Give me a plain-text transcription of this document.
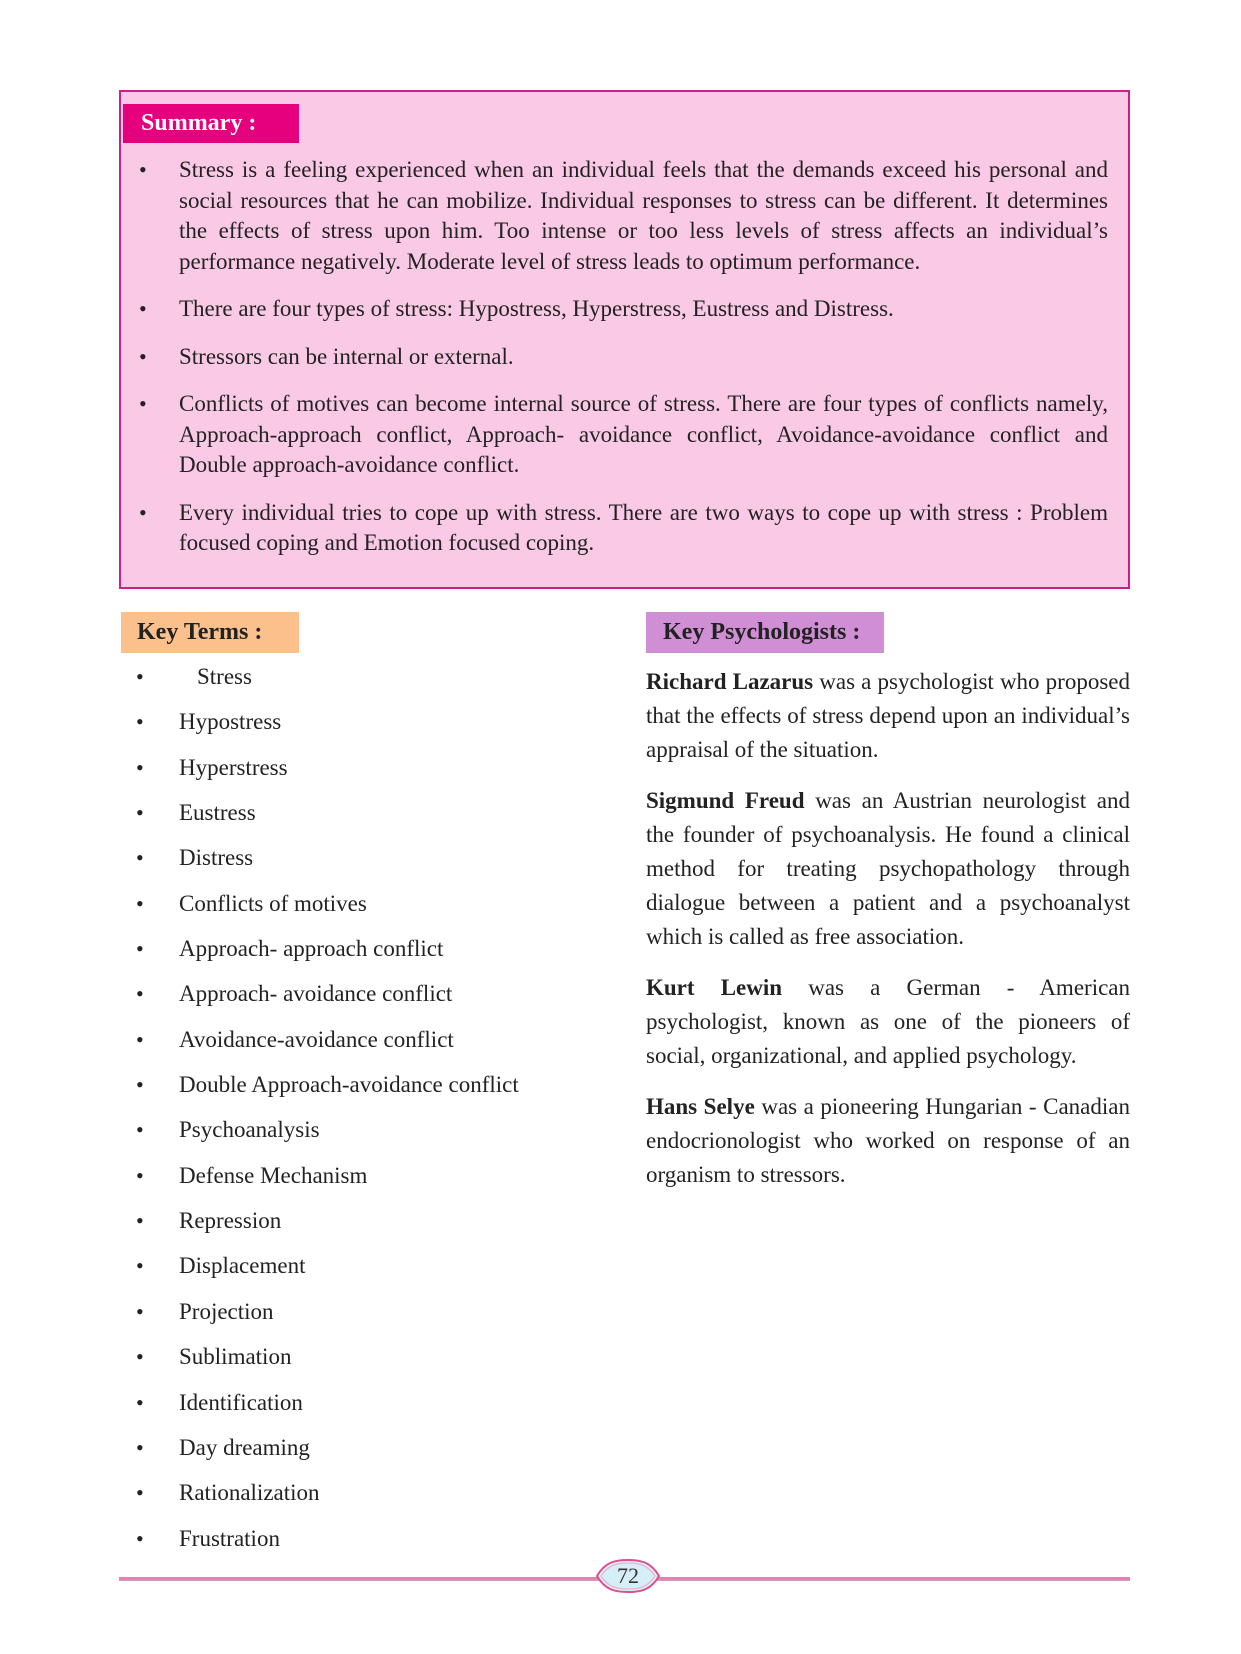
Summary :
• Stress is a feeling experienced when an individual feels that the demands exceed his personal and social resources that he can mobilize. Individual responses to stress can be different. It determines the effects of stress upon him. Too intense or too less levels of stress affects an individual’s performance negatively. Moderate level of stress leads to optimum performance.
• There are four types of stress: Hypostress, Hyperstress, Eustress and Distress.
• Stressors can be internal or external.
• Conflicts of motives can become internal source of stress. There are four types of conflicts namely, Approach-approach conflict, Approach- avoidance conflict, Avoidance-avoidance conflict and Double approach-avoidance conflict.
• Every individual tries to cope up with stress. There are two ways to cope up with stress : Problem focused coping and Emotion focused coping.
Key Terms :
• Stress
• Hypostress
• Hyperstress
• Eustress
• Distress
• Conflicts of motives
• Approach- approach conflict
• Approach- avoidance conflict
• Avoidance-avoidance conflict
• Double Approach-avoidance conflict
• Psychoanalysis
• Defense Mechanism
• Repression
• Displacement
• Projection
• Sublimation
• Identification
• Day dreaming
• Rationalization
• Frustration
Key Psychologists :

Richard Lazarus was a psychologist who proposed that the effects of stress depend upon an individual’s appraisal of the situation.

Sigmund Freud was an Austrian neurologist and the founder of psychoanalysis. He found a clinical method for treating psychopathology through dialogue between a patient and a psychoanalyst which is called as free association.

Kurt Lewin was a German - American psychologist, known as one of the pioneers of social, organizational, and applied psychology.

Hans Selye was a pioneering Hungarian - Canadian endocrionologist who worked on response of an organism to stressors.

72
